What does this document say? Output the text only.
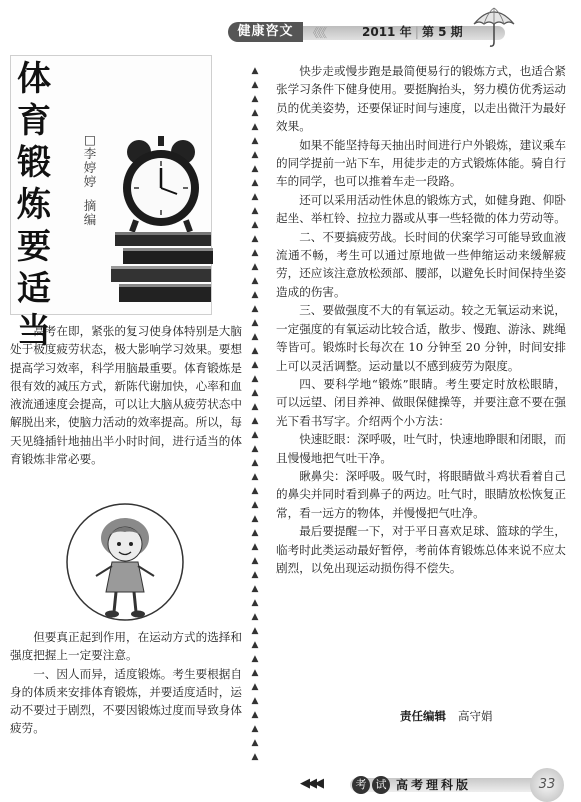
健康咨文	《《《	2011 年 | 第 5 期
体育锻炼要适当
□李婷婷
摘编

高考在即，紧张的复习使身体特别是大脑处于极度疲劳状态，极大影响学习效果。要想提高学习效率，科学用脑最重要。体育锻炼是很有效的减压方式，新陈代谢加快，心率和血液流通速度会提高，可以让大脑从疲劳状态中解脱出来，使脑力活动的效率提高。所以，每天见缝插针地抽出半小时时间，进行适当的体育锻炼非常必要。

但要真正起到作用，在运动方式的选择和强度把握上一定要注意。

一、因人而异，适度锻炼。考生要根据自身的体质来安排体育锻炼，并要适度适时，运动不要过于剧烈，不要因锻炼过度而导致身体疲劳。

▲
▲
▲
▲
▲
▲
▲
▲
▲
▲
▲
▲
▲
▲
▲
▲
▲
▲
▲
▲
▲
▲
▲
▲
▲
▲
▲
▲
▲
▲
▲
▲
▲
▲
▲
▲
▲
▲
▲
▲
▲
▲
▲
▲
▲
▲
▲
▲
▲
▲

快步走或慢步跑是最简便易行的锻炼方式，也适合紧张学习条件下健身使用。要挺胸抬头，努力模仿优秀运动员的优美姿势，还要保证时间与速度，以走出微汗为最好效果。

如果不能坚持每天抽出时间进行户外锻炼，建议乘车的同学提前一站下车，用徒步走的方式锻炼体能。骑自行车的同学，也可以推着车走一段路。

还可以采用活动性休息的锻炼方式，如健身跑、仰卧起坐、举杠铃、拉拉力器或从事一些轻微的体力劳动等。

二、不要搞疲劳战。长时间的伏案学习可能导致血液流通不畅，考生可以通过原地做一些伸缩运动来缓解疲劳，还应该注意放松颈部、腰部，以避免长时间保持坐姿造成的伤害。

三、要做强度不大的有氧运动。较之无氧运动来说，一定强度的有氧运动比较合适，散步、慢跑、游泳、跳绳等皆可。锻炼时长每次在 10 分钟至 20 分钟，时间安排上可以灵活调整。运动量以不感到疲劳为限度。

四、要科学地“锻炼”眼睛。考生要定时放松眼睛，可以远望、闭目养神、做眼保健操等，并要注意不要在强光下看书写字。介绍两个小方法：

快速眨眼：深呼吸，吐气时，快速地睁眼和闭眼，而且慢慢地把气吐干净。

瞅鼻尖：深呼吸。吸气时，将眼睛做斗鸡状看着自己的鼻尖并同时看到鼻子的两边。吐气时，眼睛放松恢复正常，看一远方的物体，并慢慢把气吐净。

最后要提醒一下，对于平日喜欢足球、篮球的学生，临考时此类运动最好暂停，考前体育锻炼总体来说不应太剧烈，以免出现运动损伤得不偿失。

责任编辑 高守娟
◀◀◀	考 试 高考理科版	33
